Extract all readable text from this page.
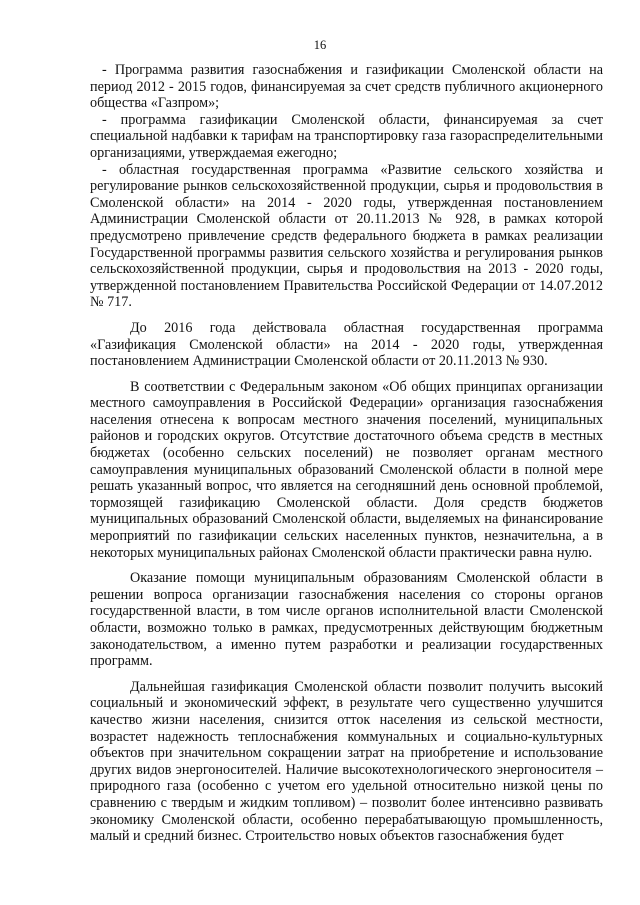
16

- Программа развития газоснабжения и газификации Смоленской области на период 2012 - 2015 годов, финансируемая за счет средств публичного акционерного общества «Газпром»;

- программа газификации Смоленской области, финансируемая за счет специальной надбавки к тарифам на транспортировку газа газораспределительными организациями, утверждаемая ежегодно;

- областная государственная программа «Развитие сельского хозяйства и регулирование рынков сельскохозяйственной продукции, сырья и продовольствия в Смоленской области» на 2014 - 2020 годы, утвержденная постановлением Администрации Смоленской области от 20.11.2013 № 928, в рамках которой предусмотрено привлечение средств федерального бюджета в рамках реализации Государственной программы развития сельского хозяйства и регулирования рынков сельскохозяйственной продукции, сырья и продовольствия на 2013 - 2020 годы, утвержденной постановлением Правительства Российской Федерации от 14.07.2012 № 717.

До 2016 года действовала областная государственная программа «Газификация Смоленской области» на 2014 - 2020 годы, утвержденная постановлением Администрации Смоленской области от 20.11.2013 № 930.

В соответствии с Федеральным законом «Об общих принципах организации местного самоуправления в Российской Федерации» организация газоснабжения населения отнесена к вопросам местного значения поселений, муниципальных районов и городских округов. Отсутствие достаточного объема средств в местных бюджетах (особенно сельских поселений) не позволяет органам местного самоуправления муниципальных образований Смоленской области в полной мере решать указанный вопрос, что является на сегодняшний день основной проблемой, тормозящей газификацию Смоленской области. Доля средств бюджетов муниципальных образований Смоленской области, выделяемых на финансирование мероприятий по газификации сельских населенных пунктов, незначительна, а в некоторых муниципальных районах Смоленской области практически равна нулю.

Оказание помощи муниципальным образованиям Смоленской области в решении вопроса организации газоснабжения населения со стороны органов государственной власти, в том числе органов исполнительной власти Смоленской области, возможно только в рамках, предусмотренных действующим бюджетным законодательством, а именно путем разработки и реализации государственных программ.

Дальнейшая газификация Смоленской области позволит получить высокий социальный и экономический эффект, в результате чего существенно улучшится качество жизни населения, снизится отток населения из сельской местности, возрастет надежность теплоснабжения коммунальных и социально-культурных объектов при значительном сокращении затрат на приобретение и использование других видов энергоносителей. Наличие высокотехнологического энергоносителя – природного газа (особенно с учетом его удельной относительно низкой цены по сравнению с твердым и жидким топливом) – позволит более интенсивно развивать экономику Смоленской области, особенно перерабатывающую промышленность, малый и средний бизнес. Строительство новых объектов газоснабжения будет
